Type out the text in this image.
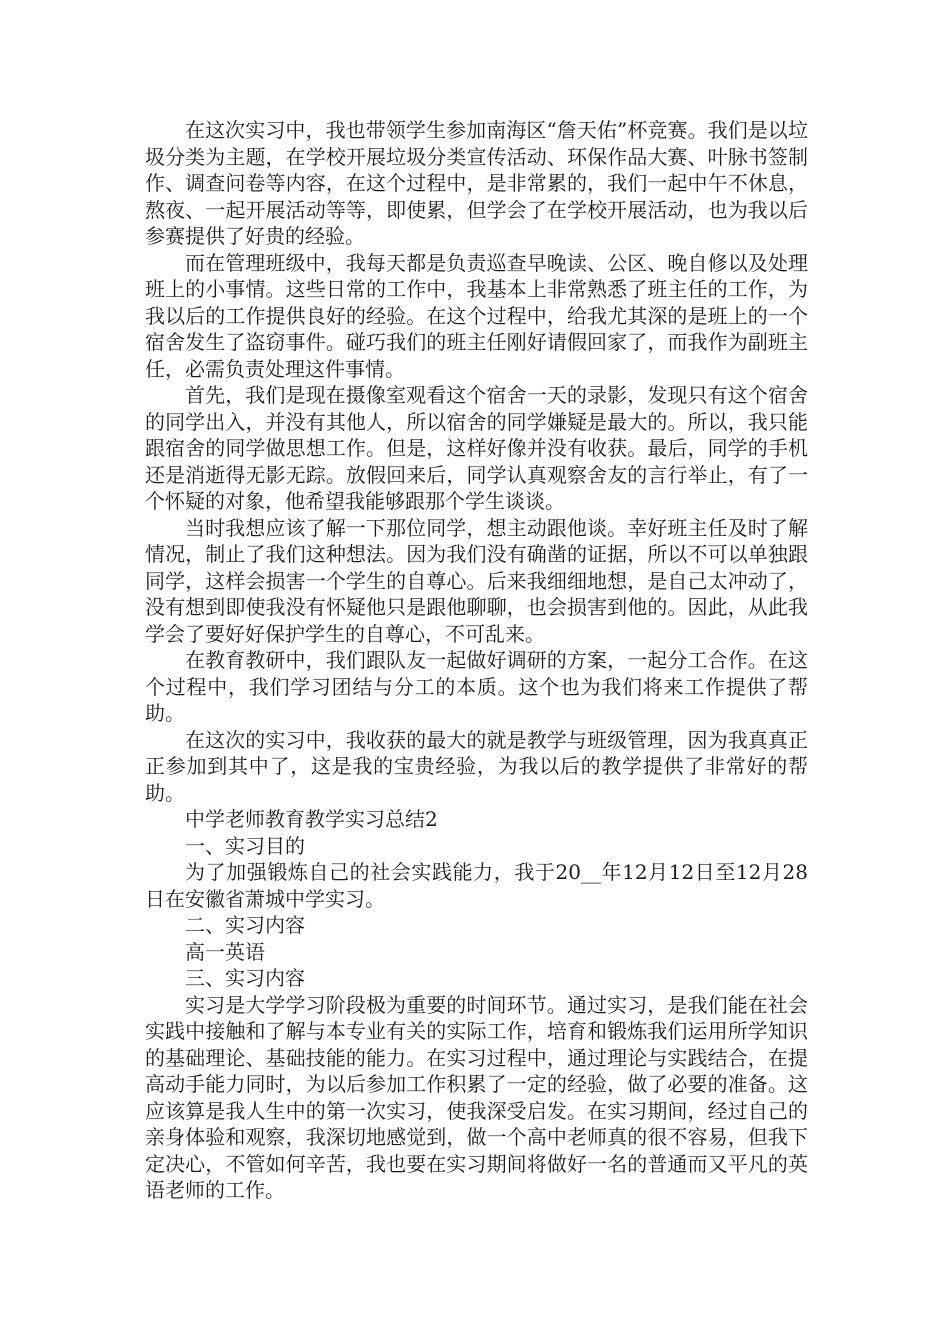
在这次实习中，我也带领学生参加南海区“詹天佑”杯竞赛。我们是以垃圾分类为主题，在学校开展垃圾分类宣传活动、环保作品大赛、叶脉书签制作、调查问卷等内容，在这个过程中，是非常累的，我们一起中午不休息，熬夜、一起开展活动等等，即使累，但学会了在学校开展活动，也为我以后参赛提供了好贵的经验。

而在管理班级中，我每天都是负责巡查早晚读、公区、晚自修以及处理班上的小事情。这些日常的工作中，我基本上非常熟悉了班主任的工作，为我以后的工作提供良好的经验。在这个过程中，给我尤其深的是班上的一个宿舍发生了盗窃事件。碰巧我们的班主任刚好请假回家了，而我作为副班主任，必需负责处理这件事情。

首先，我们是现在摄像室观看这个宿舍一天的录影，发现只有这个宿舍的同学出入，并没有其他人，所以宿舍的同学嫌疑是最大的。所以，我只能跟宿舍的同学做思想工作。但是，这样好像并没有收获。最后，同学的手机还是消逝得无影无踪。放假回来后，同学认真观察舍友的言行举止，有了一个怀疑的对象，他希望我能够跟那个学生谈谈。

当时我想应该了解一下那位同学，想主动跟他谈。幸好班主任及时了解情况，制止了我们这种想法。因为我们没有确凿的证据，所以不可以单独跟同学，这样会损害一个学生的自尊心。后来我细细地想，是自己太冲动了，没有想到即使我没有怀疑他只是跟他聊聊，也会损害到他的。因此，从此我学会了要好好保护学生的自尊心，不可乱来。

在教育教研中，我们跟队友一起做好调研的方案，一起分工合作。在这个过程中，我们学习团结与分工的本质。这个也为我们将来工作提供了帮助。

在这次的实习中，我收获的最大的就是教学与班级管理，因为我真真正正参加到其中了，这是我的宝贵经验，为我以后的教学提供了非常好的帮助。

中学老师教育教学实习总结2

一、实习目的

为了加强锻炼自己的社会实践能力，我于20__年12月12日至12月28日在安徽省萧城中学实习。

二、实习内容

高一英语

三、实习内容

实习是大学学习阶段极为重要的时间环节。通过实习，是我们能在社会实践中接触和了解与本专业有关的实际工作，培育和锻炼我们运用所学知识的基础理论、基础技能的能力。在实习过程中，通过理论与实践结合，在提高动手能力同时，为以后参加工作积累了一定的经验，做了必要的准备。这应该算是我人生中的第一次实习，使我深受启发。在实习期间，经过自己的亲身体验和观察，我深切地感觉到，做一个高中老师真的很不容易，但我下定决心，不管如何辛苦，我也要在实习期间将做好一名的普通而又平凡的英语老师的工作。
